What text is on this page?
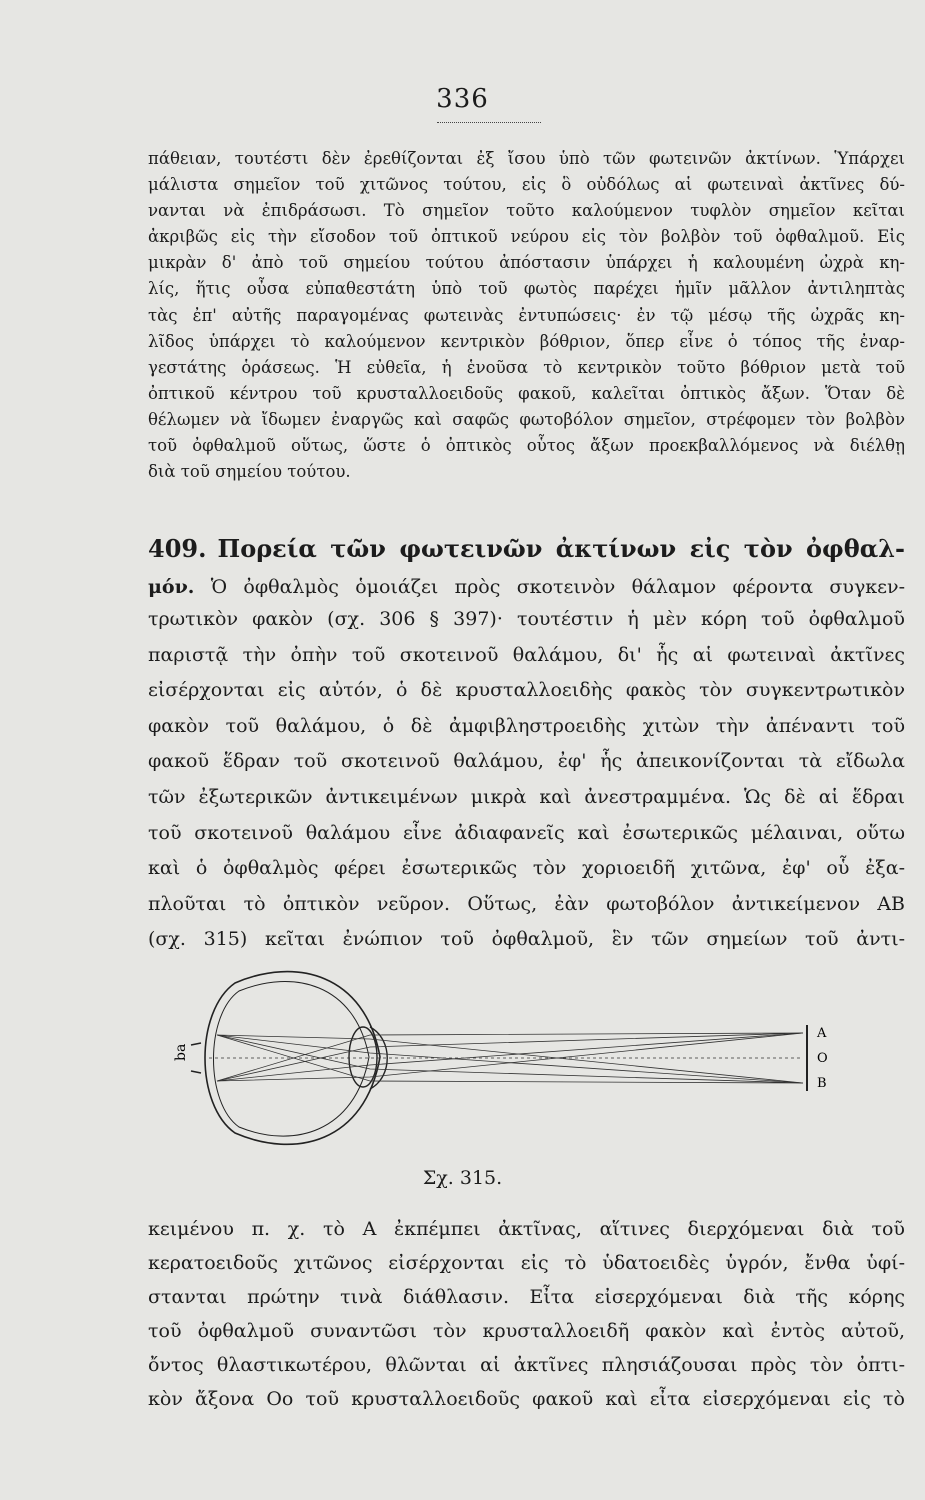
336
πάθειαν, τουτέστι δὲν ἐρεθίζονται ἐξ ἴσου ὑπὸ τῶν φωτεινῶν ἀκτίνων. Ὑπάρχει
μάλιστα σημεῖον τοῦ χιτῶνος τούτου, εἰς ὃ οὐδόλως αἱ φωτειναὶ ἀκτῖνες δύ-
νανται νὰ ἐπιδράσωσι. Τὸ σημεῖον τοῦτο καλούμενον τυφλὸν σημεῖον κεῖται
ἀκριβῶς εἰς τὴν εἴσοδον τοῦ ὀπτικοῦ νεύρου εἰς τὸν βολβὸν τοῦ ὀφθαλμοῦ. Εἰς
μικρὰν δ' ἀπὸ τοῦ σημείου τούτου ἀπόστασιν ὑπάρχει ἡ καλουμένη ὠχρὰ κη-
λίς, ἥτις οὖσα εὐπαθεστάτη ὑπὸ τοῦ φωτὸς παρέχει ἡμῖν μᾶλλον ἀντιληπτὰς
τὰς ἐπ' αὐτῆς παραγομένας φωτεινὰς ἐντυπώσεις· ἐν τῷ μέσῳ τῆς ὠχρᾶς κη-
λῖδος ὑπάρχει τὸ καλούμενον κεντρικὸν βόθριον, ὅπερ εἶνε ὁ τόπος τῆς ἐναρ-
γεστάτης ὁράσεως. Ἡ εὐθεῖα, ἡ ἑνοῦσα τὸ κεντρικὸν τοῦτο βόθριον μετὰ τοῦ
ὀπτικοῦ κέντρου τοῦ κρυσταλλοειδοῦς φακοῦ, καλεῖται ὀπτικὸς ἄξων. Ὅταν δὲ
θέλωμεν νὰ ἴδωμεν ἐναργῶς καὶ σαφῶς φωτοβόλον σημεῖον, στρέφομεν τὸν βολβὸν
τοῦ ὀφθαλμοῦ οὕτως, ὥστε ὁ ὀπτικὸς οὗτος ἄξων προεκβαλλόμενος νὰ διέλθῃ
διὰ τοῦ σημείου τούτου.
409. Πορεία τῶν φωτεινῶν ἀκτίνων εἰς τὸν ὀφθαλ-
μόν. Ὁ ὀφθαλμὸς ὁμοιάζει πρὸς σκοτεινὸν θάλαμον φέροντα συγκεν-
τρωτικὸν φακὸν (σχ. 306 § 397)· τουτέστιν ἡ μὲν κόρη τοῦ ὀφθαλμοῦ
παριστᾷ τὴν ὀπὴν τοῦ σκοτεινοῦ θαλάμου, δι' ἧς αἱ φωτειναὶ ἀκτῖνες
εἰσέρχονται εἰς αὐτόν, ὁ δὲ κρυσταλλοειδὴς φακὸς τὸν συγκεντρωτικὸν
φακὸν τοῦ θαλάμου, ὁ δὲ ἀμφιβληστροειδὴς χιτὼν τὴν ἀπέναντι τοῦ
φακοῦ ἕδραν τοῦ σκοτεινοῦ θαλάμου, ἐφ' ἧς ἀπεικονίζονται τὰ εἴδωλα
τῶν ἐξωτερικῶν ἀντικειμένων μικρὰ καὶ ἀνεστραμμένα. Ὡς δὲ αἱ ἕδραι
τοῦ σκοτεινοῦ θαλάμου εἶνε ἀδιαφανεῖς καὶ ἐσωτερικῶς μέλαιναι, οὕτω
καὶ ὁ ὀφθαλμὸς φέρει ἐσωτερικῶς τὸν χοριοειδῆ χιτῶνα, ἐφ' οὗ ἐξα-
πλοῦται τὸ ὀπτικὸν νεῦρον. Οὕτως, ἐὰν φωτοβόλον ἀντικείμενον ΑΒ
(σχ. 315) κεῖται ἐνώπιον τοῦ ὀφθαλμοῦ, ἓν τῶν σημείων τοῦ ἀντι-
ba
A
O
B
Σχ. 315.
κειμένου π. χ. τὸ Α ἐκπέμπει ἀκτῖνας, αἵτινες διερχόμεναι διὰ τοῦ
κερατοειδοῦς χιτῶνος εἰσέρχονται εἰς τὸ ὑδατοειδὲς ὑγρόν, ἔνθα ὑφί-
στανται πρώτην τινὰ διάθλασιν. Εἶτα εἰσερχόμεναι διὰ τῆς κόρης
τοῦ ὀφθαλμοῦ συναντῶσι τὸν κρυσταλλοειδῆ φακὸν καὶ ἐντὸς αὐτοῦ,
ὄντος θλαστικωτέρου, θλῶνται αἱ ἀκτῖνες πλησιάζουσαι πρὸς τὸν ὀπτι-
κὸν ἄξονα Οο τοῦ κρυσταλλοειδοῦς φακοῦ καὶ εἶτα εἰσερχόμεναι εἰς τὸ
